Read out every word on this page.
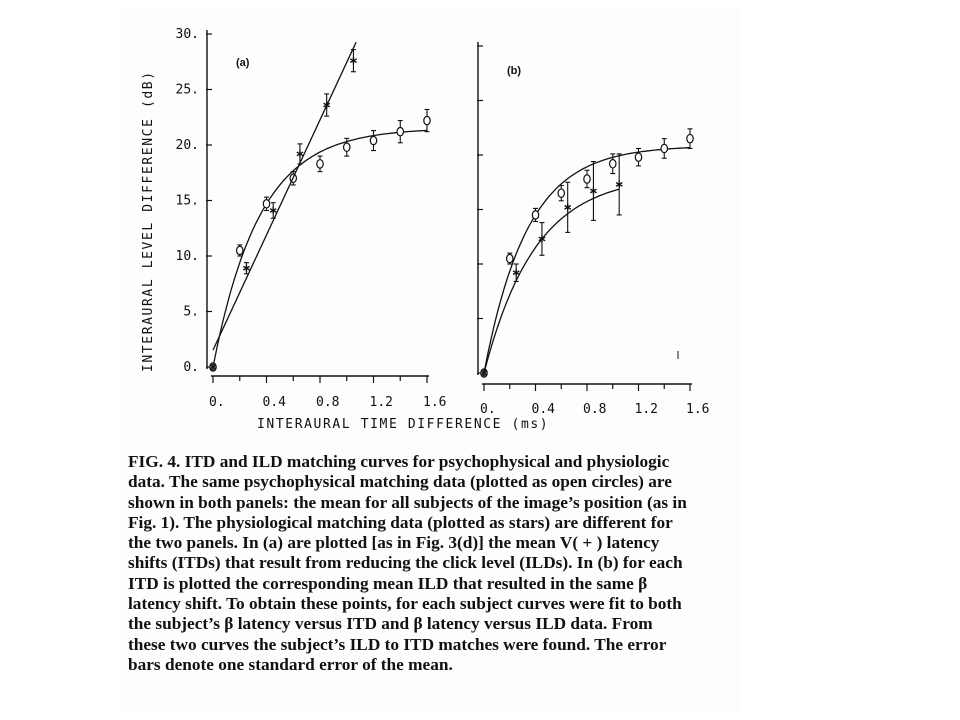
0.	0.4 0.8 1.2 1.6
0.
5.
10.
15.
20.
25.
30.
0.	0.4 0.8 1.2 1.6
(a)
(b)
INTERAURAL LEVEL DIFFERENCE (dB)
INTERAURAL TIME DIFFERENCE (ms)

FIG. 4. ITD and ILD matching curves for psychophysical and physiologic

data. The same psychophysical matching data (plotted as open circles) are

shown in both panels: the mean for all subjects of the image’s position (as in

Fig. 1). The physiological matching data (plotted as stars) are different for

the two panels. In (a) are plotted [as in Fig. 3(d)] the mean V( + ) latency

shifts (ITDs) that result from reducing the click level (ILDs). In (b) for each

ITD is plotted the corresponding mean ILD that resulted in the same β

latency shift. To obtain these points, for each subject curves were fit to both

the subject’s β latency versus ITD and β latency versus ILD data. From

these two curves the subject’s ILD to ITD matches were found. The error

bars denote one standard error of the mean.
